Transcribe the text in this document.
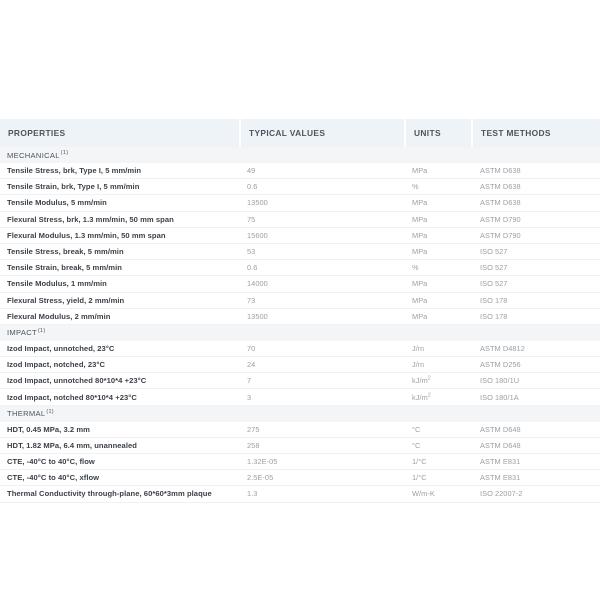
PROPERTIES	TYPICAL VALUES	UNITS	TEST METHODS
MECHANICAL$^{(1)}$
Tensile Stress, brk, Type I, 5 mm/min	49	MPa	ASTM D638
Tensile Strain, brk, Type I, 5 mm/min	0.6	%	ASTM D638
Tensile Modulus, 5 mm/min	13500	MPa	ASTM D638
Flexural Stress, brk, 1.3 mm/min, 50 mm span	75	MPa	ASTM D790
Flexural Modulus, 1.3 mm/min, 50 mm span	15600	MPa	ASTM D790
Tensile Stress, break, 5 mm/min	53	MPa	ISO 527
Tensile Strain, break, 5 mm/min	0.6	%	ISO 527
Tensile Modulus, 1 mm/min	14000	MPa	ISO 527
Flexural Stress, yield, 2 mm/min	73	MPa	ISO 178
Flexural Modulus, 2 mm/min	13500	MPa	ISO 178
IMPACT$^{(1)}$
Izod Impact, unnotched, 23°C	70	J/m	ASTM D4812
Izod Impact, notched, 23°C	24	J/m	ASTM D256
Izod Impact, unnotched 80*10*4 +23°C	7	$kJ/m^2$	ISO 180/1U
Izod Impact, notched 80*10*4 +23°C	3	$kJ/m^2$	ISO 180/1A
THERMAL$^{(1)}$
HDT, 0.45 MPa, 3.2 mm	275	°C	ASTM D648
HDT, 1.82 MPa, 6.4 mm, unannealed	258	°C	ASTM D648
CTE, -40°C to 40°C, flow	1.32E-05	1/°C	ASTM E831
CTE, -40°C to 40°C, xflow	2.5E-05	1/°C	ASTM E831
Thermal Conductivity through-plane, 60*60*3mm plaque	1.3	W/m-K	ISO 22007-2
